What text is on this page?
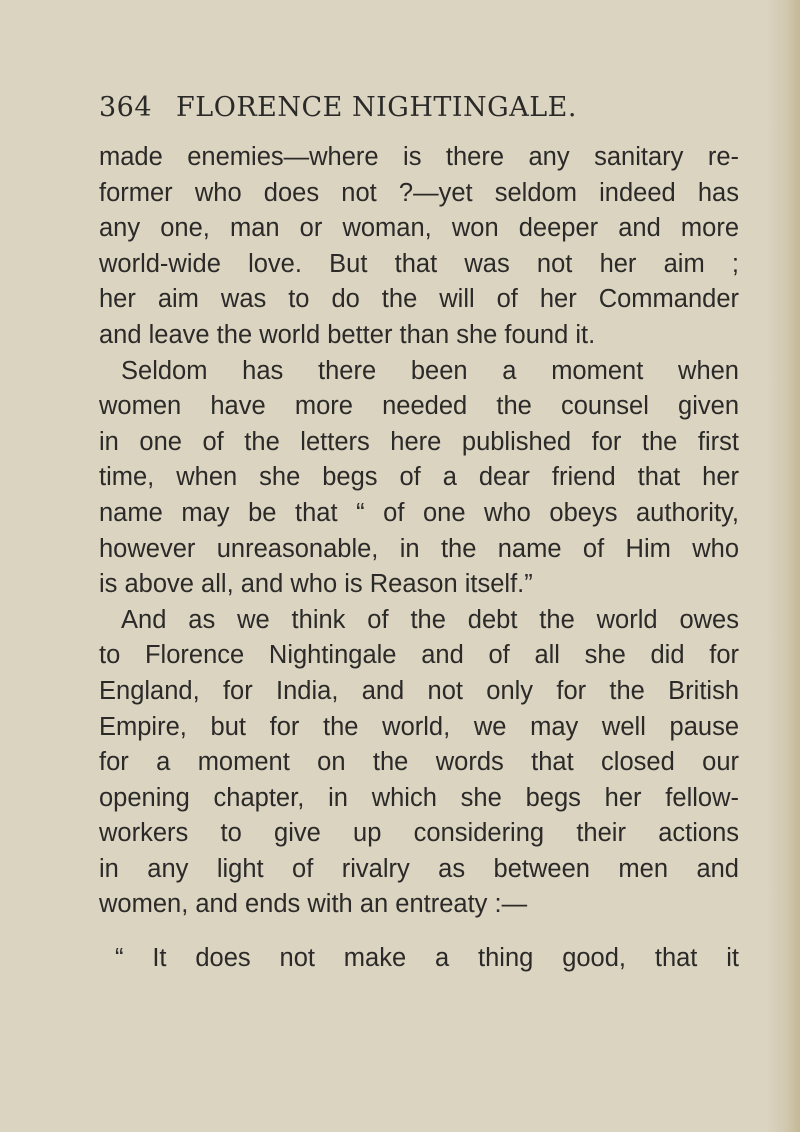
364 FLORENCE NIGHTINGALE.
made enemies—where is there any sanitary re-
former who does not ?—yet seldom indeed has
any one, man or woman, won deeper and more
world-wide love. But that was not her aim ;
her aim was to do the will of her Commander
and leave the world better than she found it.
Seldom has there been a moment when
women have more needed the counsel given
in one of the letters here published for the first
time, when she begs of a dear friend that her
name may be that “ of one who obeys authority,
however unreasonable, in the name of Him who
is above all, and who is Reason itself.”
And as we think of the debt the world owes
to Florence Nightingale and of all she did for
England, for India, and not only for the British
Empire, but for the world, we may well pause
for a moment on the words that closed our
opening chapter, in which she begs her fellow-
workers to give up considering their actions
in any light of rivalry as between men and
women, and ends with an entreaty :—
“ It does not make a thing good, that it
